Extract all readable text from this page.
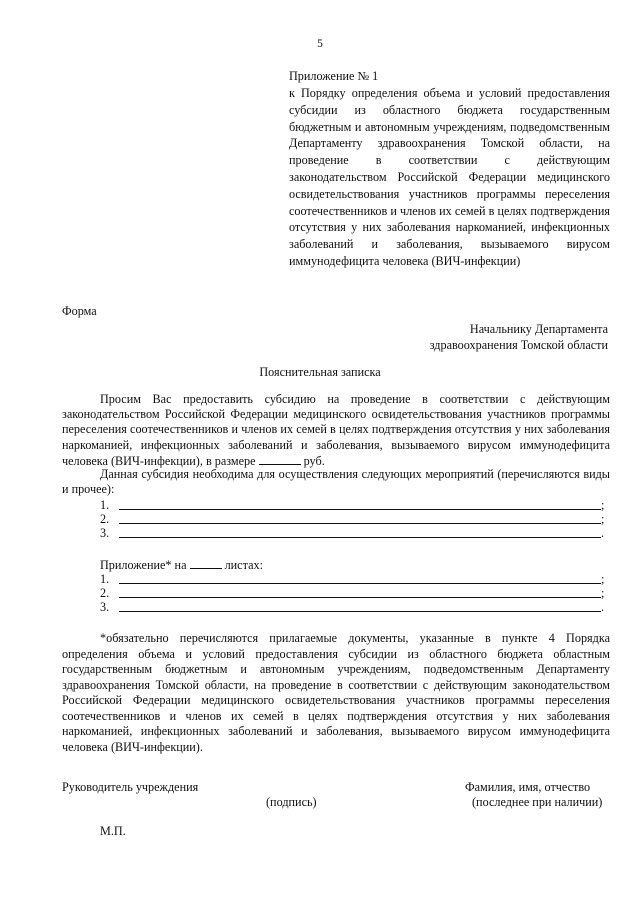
5
Приложение № 1
к Порядку определения объема и условий предоставления субсидии из областного бюджета государственным бюджетным и автономным учреждениям, подведомственным Департаменту здравоохранения Томской области, на проведение в соответствии с действующим законодательством Российской Федерации медицинского освидетельствования участников программы переселения соотечественников и членов их семей в целях подтверждения отсутствия у них заболевания наркоманией, инфекционных заболеваний и заболевания, вызываемого вирусом иммунодефицита человека (ВИЧ-инфекции)
Форма
Начальнику Департамента
здравоохранения Томской области
Пояснительная записка
Просим Вас предоставить субсидию на проведение в соответствии с действующим законодательством Российской Федерации медицинского освидетельствования участников программы переселения соотечественников и членов их семей в целях подтверждения отсутствия у них заболевания наркоманией, инфекционных заболеваний и заболевания, вызываемого вирусом иммунодефицита человека (ВИЧ-инфекции), в размере	руб.
Данная субсидия необходима для осуществления следующих мероприятий (перечисляются виды и прочее):
1.	;
2.	;
3.	.
Приложение* на	листах:
1.	;
2.	;
3.	.
*обязательно перечисляются прилагаемые документы, указанные в пункте 4 Порядка определения объема и условий предоставления субсидии из областного бюджета областным государственным бюджетным и автономным учреждениям, подведомственным Департаменту здравоохранения Томской области, на проведение в соответствии с действующим законодательством Российской Федерации медицинского освидетельствования участников программы переселения соотечественников и членов их семей в целях подтверждения отсутствия у них заболевания наркоманией, инфекционных заболеваний и заболевания, вызываемого вирусом иммунодефицита человека (ВИЧ-инфекции).
Руководитель учреждения
(подпись)
Фамилия, имя, отчество
(последнее при наличии)
М.П.
